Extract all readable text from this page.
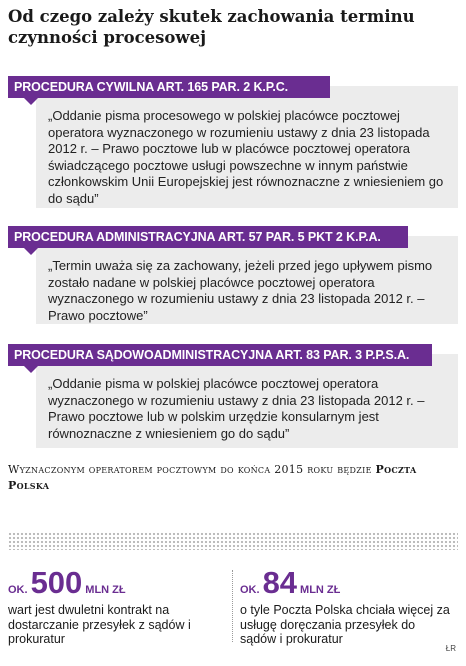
Od czego zależy skutek zachowania terminu czynności procesowej
PROCEDURA CYWILNA ART. 165 PAR. 2 K.P.C.
„Oddanie pisma procesowego w polskiej placówce pocztowej operatora wyznaczonego w rozumieniu ustawy z dnia 23 listopada 2012 r. – Prawo pocztowe lub w placówce pocztowej operatora świadczącego pocztowe usługi powszechne w innym państwie członkowskim Unii Europejskiej jest równoznaczne z wniesieniem go do sądu”
PROCEDURA ADMINISTRACYJNA ART. 57 PAR. 5 PKT 2 K.P.A.
„Termin uważa się za zachowany, jeżeli przed jego upływem pismo zostało nadane w polskiej placówce pocztowej operatora wyznaczonego w rozumieniu ustawy z dnia 23 listopada 2012 r. – Prawo pocztowe”
PROCEDURA SĄDOWOADMINISTRACYJNA ART. 83 PAR. 3 P.P.S.A.
„Oddanie pisma w polskiej placówce pocztowej operatora wyznaczonego w rozumieniu ustawy z dnia 23 listopada 2012 r. – Prawo pocztowe lub w polskim urzędzie konsularnym jest równoznaczne z wniesieniem go do sądu”
Wyznaczonym operatorem pocztowym do końca 2015 roku będzie Poczta Polska
OK.500 MLN ZŁ
wart jest dwuletni kontrakt na dostarczanie przesyłek z sądów i prokuratur
OK.84 MLN ZŁ
o tyle Poczta Polska chciała więcej za usługę doręczania przesyłek do sądów i prokuratur
ŁR
